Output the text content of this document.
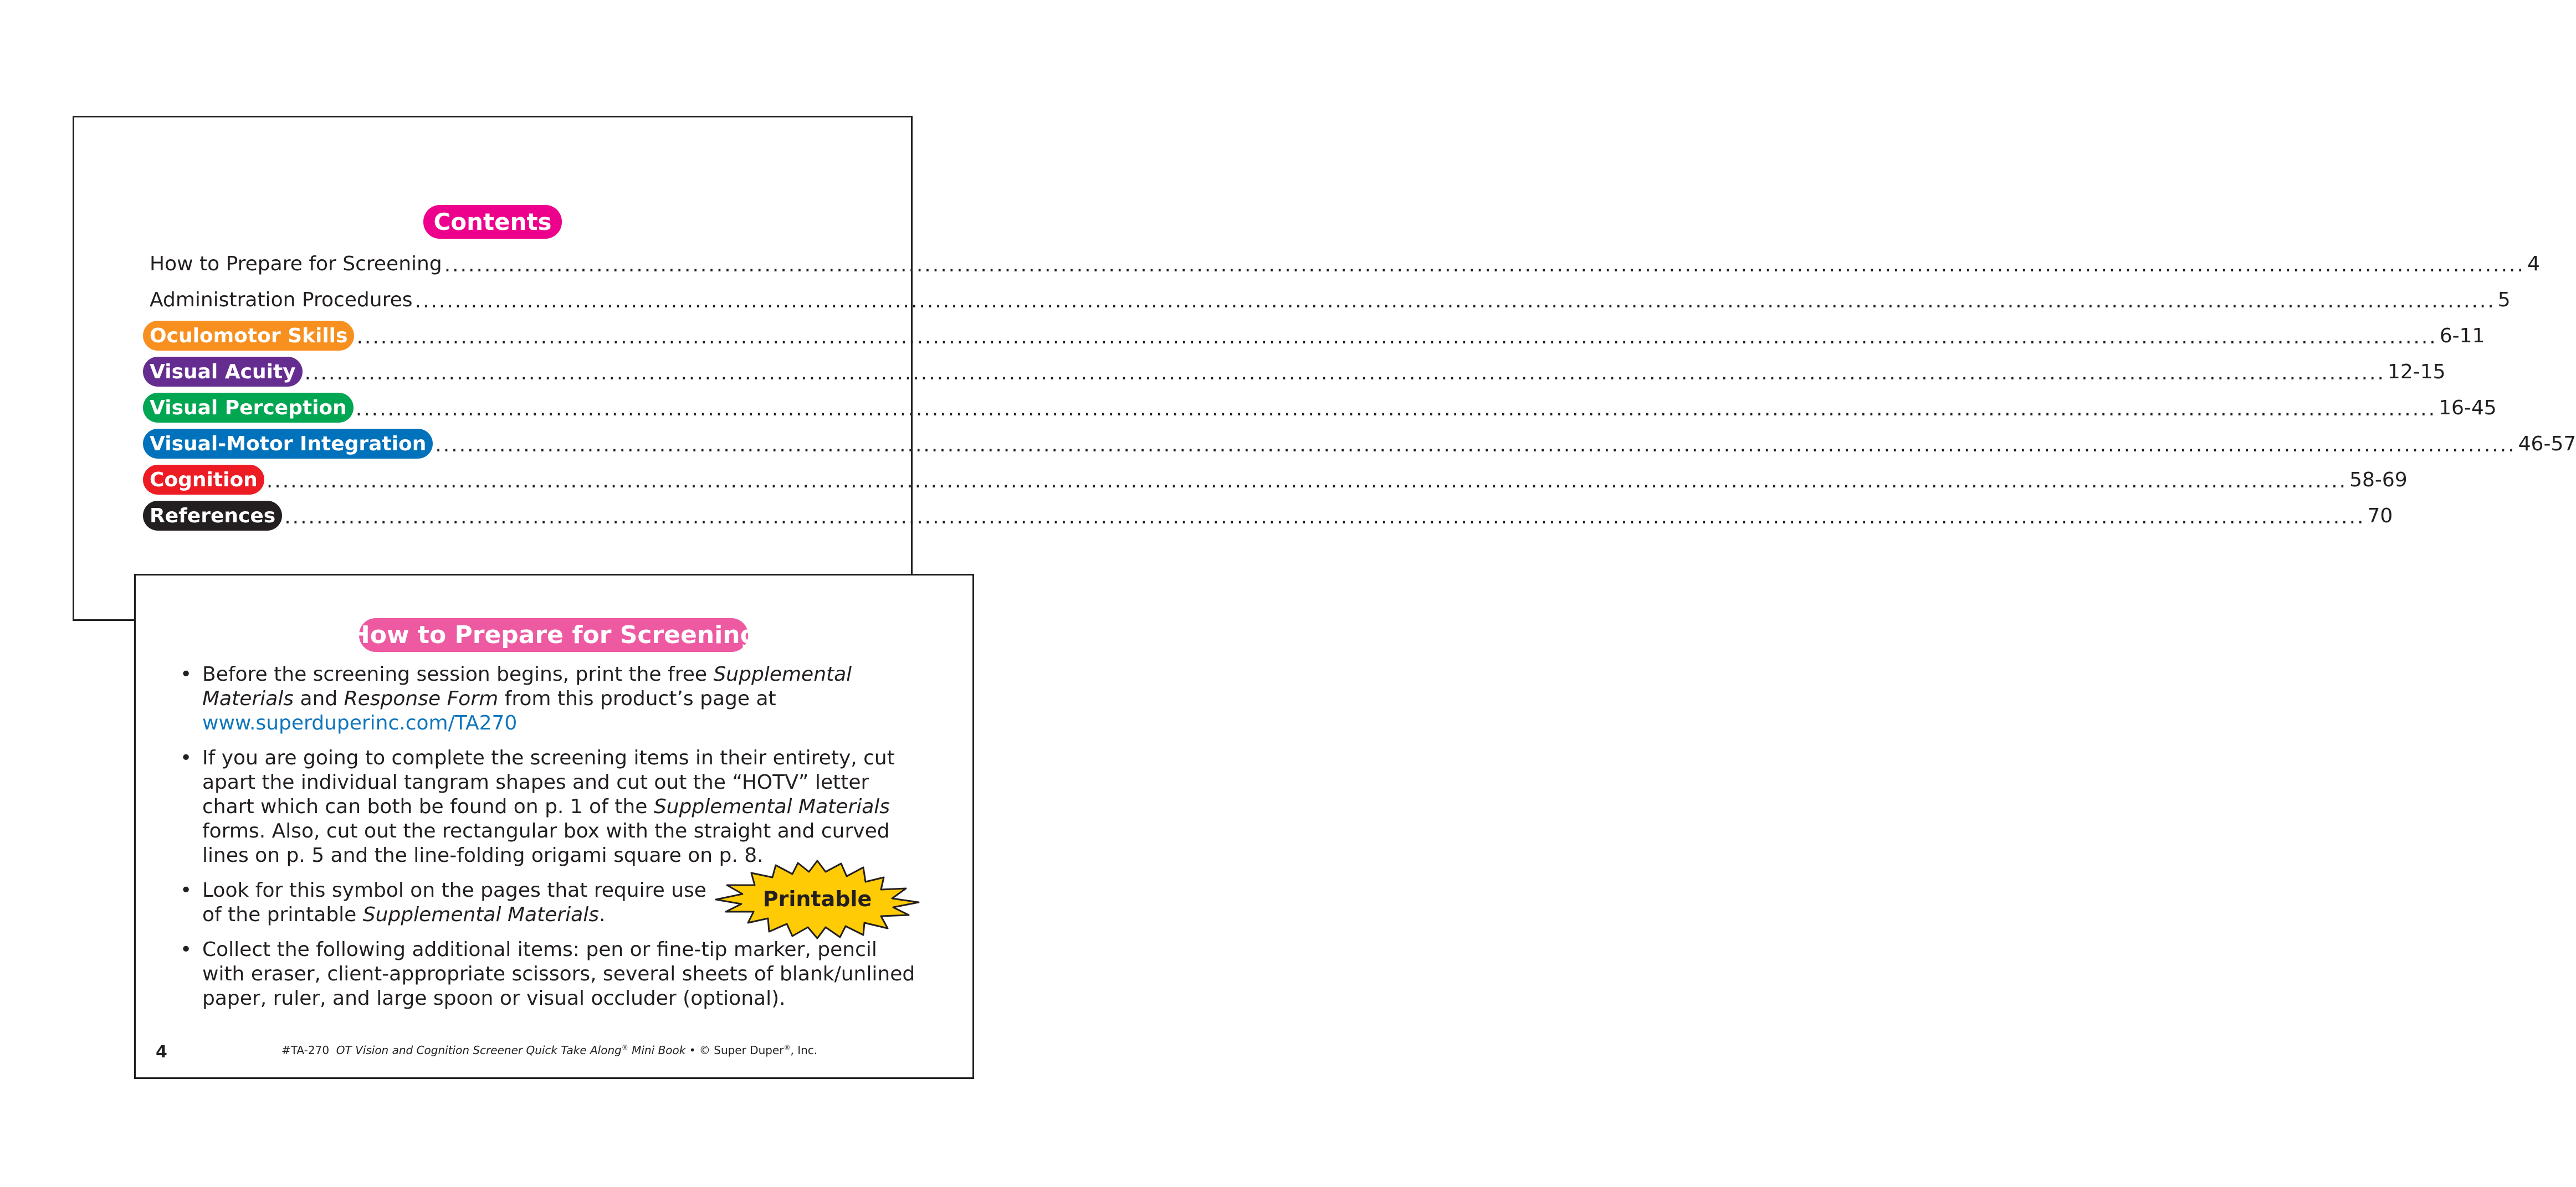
Contents
How to Prepare for Screening .................................................................................................................................................................................................................................................................... 4
Administration Procedures .................................................................................................................................................................................................................................................................... 5
Oculomotor Skills .................................................................................................................................................................................................................................................................... 6-11
Visual Acuity .................................................................................................................................................................................................................................................................... 12-15
Visual Perception .................................................................................................................................................................................................................................................................... 16-45
Visual-Motor Integration .................................................................................................................................................................................................................................................................... 46-57
Cognition .................................................................................................................................................................................................................................................................... 58-69
References .................................................................................................................................................................................................................................................................... 70
How to Prepare for Screening
• Before the screening session begins, print the free Supplemental
Materials and Response Form from this product’s page at
www.superduperinc.com/TA270
• If you are going to complete the screening items in their entirety, cut
apart the individual tangram shapes and cut out the “HOTV” letter
chart which can both be found on p. 1 of the Supplemental Materials
forms. Also, cut out the rectangular box with the straight and curved
lines on p. 5 and the line-folding origami square on p. 8.
• Look for this symbol on the pages that require use
of the printable Supplemental Materials.
Printable
• Collect the following additional items: pen or fine-tip marker, pencil
with eraser, client-appropriate scissors, several sheets of blank/unlined
paper, ruler, and large spoon or visual occluder (optional).
4	#TA-270 OT Vision and Cognition Screener Quick Take Along® Mini Book • © Super Duper®, Inc.
